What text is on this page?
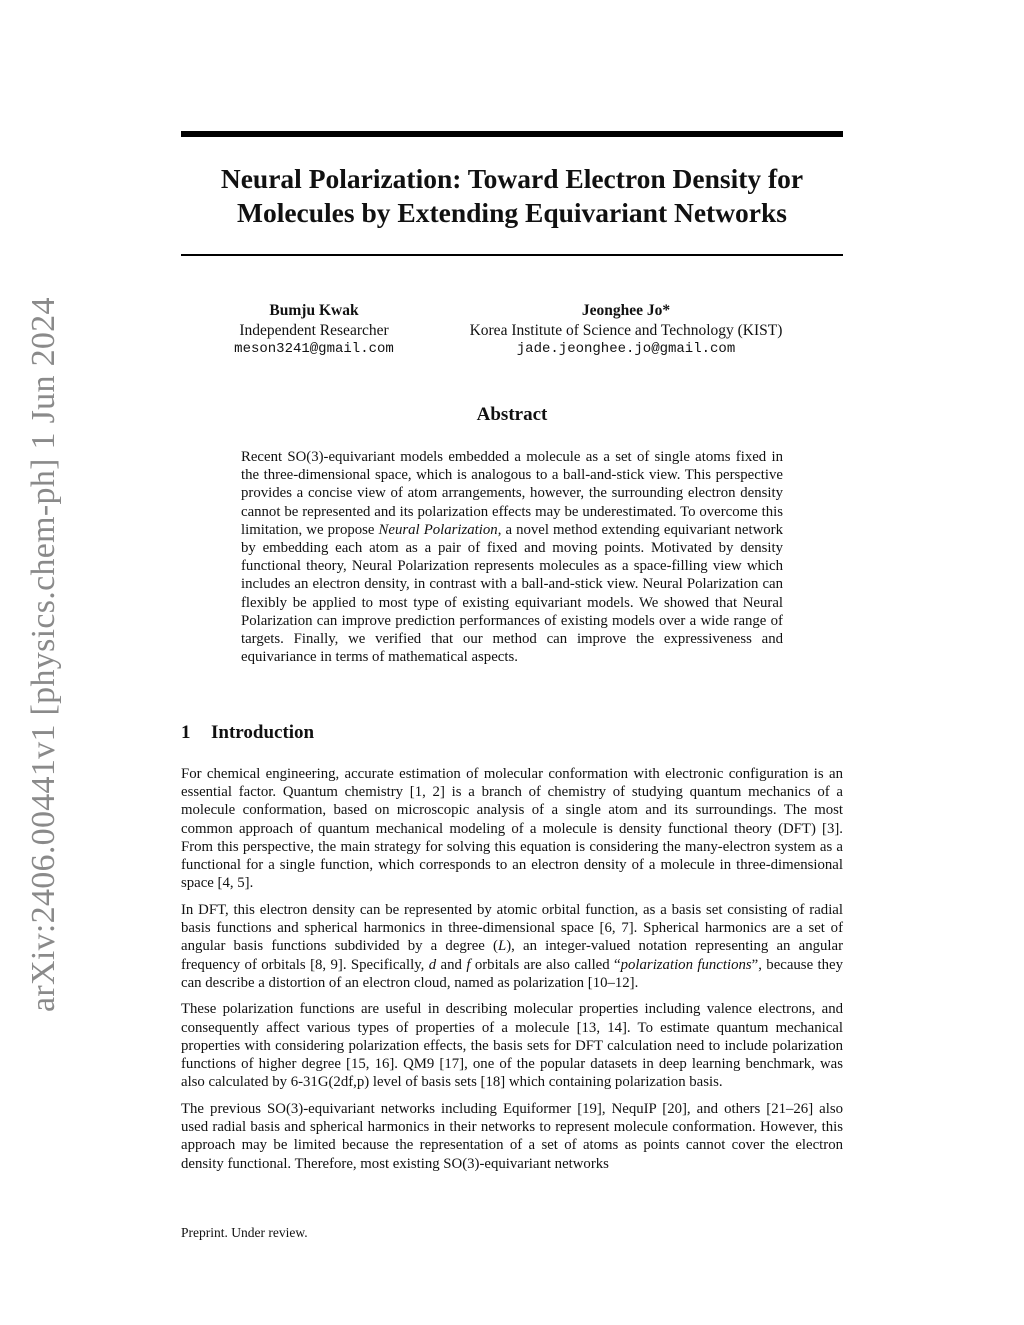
arXiv:2406.00441v1 [physics.chem-ph] 1 Jun 2024
Neural Polarization: Toward Electron Density for
Molecules by Extending Equivariant Networks
Bumju Kwak
Independent Researcher
meson3241@gmail.com
Jeonghee Jo*
Korea Institute of Science and Technology (KIST)
jade.jeonghee.jo@gmail.com
Abstract
Recent SO(3)-equivariant models embedded a molecule as a set of single atoms fixed in the three-dimensional space, which is analogous to a ball-and-stick view. This perspective provides a concise view of atom arrangements, however, the surrounding electron density cannot be represented and its polarization effects may be underestimated. To overcome this limitation, we propose Neural Polarization, a novel method extending equivariant network by embedding each atom as a pair of fixed and moving points. Motivated by density functional theory, Neural Polarization represents molecules as a space-filling view which includes an electron density, in contrast with a ball-and-stick view. Neural Polarization can flexibly be applied to most type of existing equivariant models. We showed that Neural Polarization can improve prediction performances of existing models over a wide range of targets. Finally, we verified that our method can improve the expressiveness and equivariance in terms of mathematical aspects.
1 Introduction

For chemical engineering, accurate estimation of molecular conformation with electronic configuration is an essential factor. Quantum chemistry [1, 2] is a branch of chemistry of studying quantum mechanics of a molecule conformation, based on microscopic analysis of a single atom and its surroundings. The most common approach of quantum mechanical modeling of a molecule is density functional theory (DFT) [3]. From this perspective, the main strategy for solving this equation is considering the many-electron system as a functional for a single function, which corresponds to an electron density of a molecule in three-dimensional space [4, 5].

In DFT, this electron density can be represented by atomic orbital function, as a basis set consisting of radial basis functions and spherical harmonics in three-dimensional space [6, 7]. Spherical harmonics are a set of angular basis functions subdivided by a degree (L), an integer-valued notation representing an angular frequency of orbitals [8, 9]. Specifically, d and f orbitals are also called “polarization functions”, because they can describe a distortion of an electron cloud, named as polarization [10–12].

These polarization functions are useful in describing molecular properties including valence electrons, and consequently affect various types of properties of a molecule [13, 14]. To estimate quantum mechanical properties with considering polarization effects, the basis sets for DFT calculation need to include polarization functions of higher degree [15, 16]. QM9 [17], one of the popular datasets in deep learning benchmark, was also calculated by 6-31G(2df,p) level of basis sets [18] which containing polarization basis.

The previous SO(3)-equivariant networks including Equiformer [19], NequIP [20], and others [21–26] also used radial basis and spherical harmonics in their networks to represent molecule conformation. However, this approach may be limited because the representation of a set of atoms as points cannot cover the electron density functional. Therefore, most existing SO(3)-equivariant networks

Preprint. Under review.
